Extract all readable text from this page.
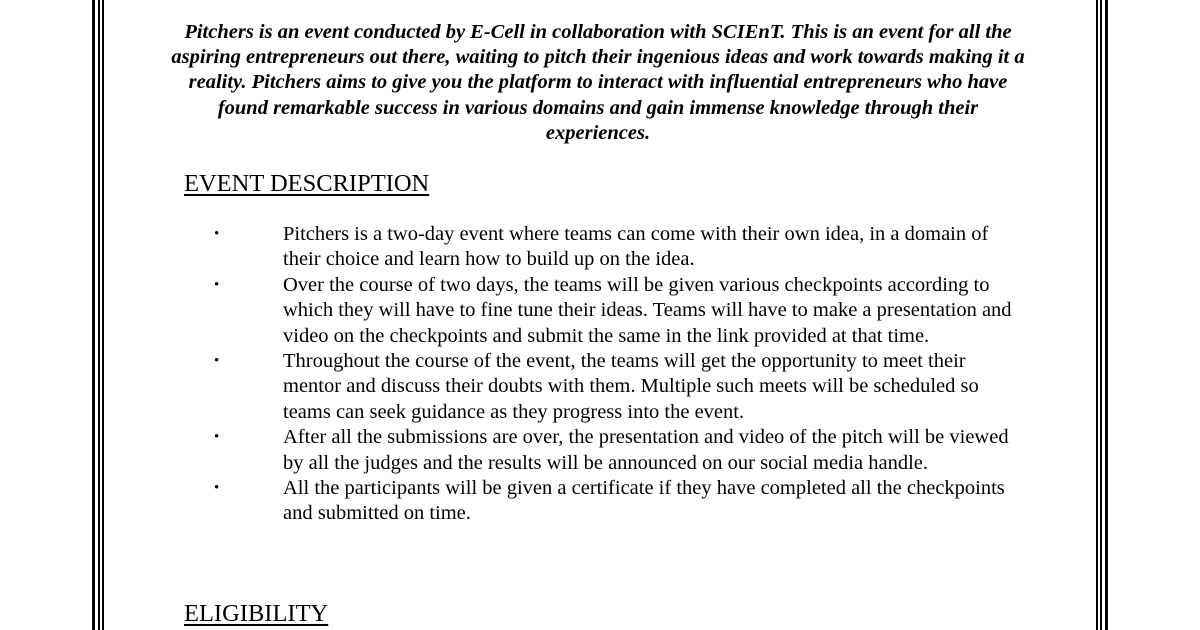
Pitchers is an event conducted by E-Cell in collaboration with SCIEnT. This is an event for all the aspiring entrepreneurs out there, waiting to pitch their ingenious ideas and work towards making it a reality. Pitchers aims to give you the platform to interact with influential entrepreneurs who have found remarkable success in various domains and gain immense knowledge through their experiences.

EVENT DESCRIPTION
•	Pitchers is a two-day event where teams can come with their own idea, in a domain of their choice and learn how to build up on the idea.
•	Over the course of two days, the teams will be given various checkpoints according to which they will have to fine tune their ideas. Teams will have to make a presentation and video on the checkpoints and submit the same in the link provided at that time.
•	Throughout the course of the event, the teams will get the opportunity to meet their mentor and discuss their doubts with them. Multiple such meets will be scheduled so teams can seek guidance as they progress into the event.
•	After all the submissions are over, the presentation and video of the pitch will be viewed by all the judges and the results will be announced on our social media handle.
•	All the participants will be given a certificate if they have completed all the checkpoints and submitted on time.
ELIGIBILITY
